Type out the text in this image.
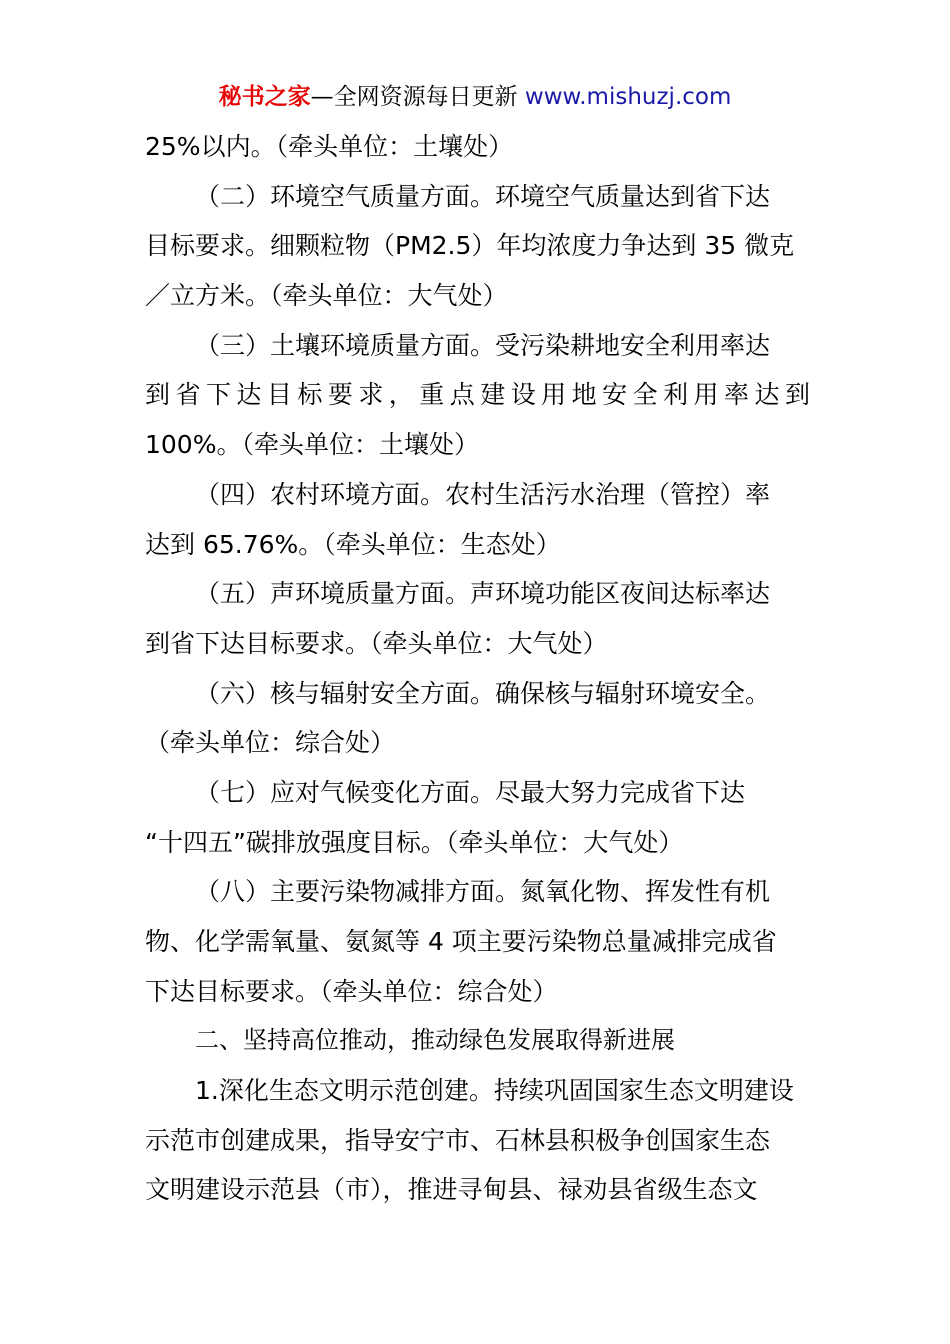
秘书之家—全网资源每日更新 www.mishuzj.com
25%以内。（牵头单位：土壤处）
（二）环境空气质量方面。环境空气质量达到省下达
目标要求。细颗粒物（PM2.5）年均浓度力争达到 35 微克
／立方米。（牵头单位：大气处）
（三）土壤环境质量方面。受污染耕地安全利用率达
到省下达目标要求，重点建设用地安全利用率达到
100%。（牵头单位：土壤处）
（四）农村环境方面。农村生活污水治理（管控）率
达到 65.76%。（牵头单位：生态处）
（五）声环境质量方面。声环境功能区夜间达标率达
到省下达目标要求。（牵头单位：大气处）
（六）核与辐射安全方面。确保核与辐射环境安全。
（牵头单位：综合处）
（七）应对气候变化方面。尽最大努力完成省下达
“十四五”碳排放强度目标。（牵头单位：大气处）
（八）主要污染物减排方面。氮氧化物、挥发性有机
物、化学需氧量、氨氮等 4 项主要污染物总量减排完成省
下达目标要求。（牵头单位：综合处）
二、坚持高位推动，推动绿色发展取得新进展
1.深化生态文明示范创建。持续巩固国家生态文明建设
示范市创建成果，指导安宁市、石林县积极争创国家生态
文明建设示范县（市），推进寻甸县、禄劝县省级生态文
